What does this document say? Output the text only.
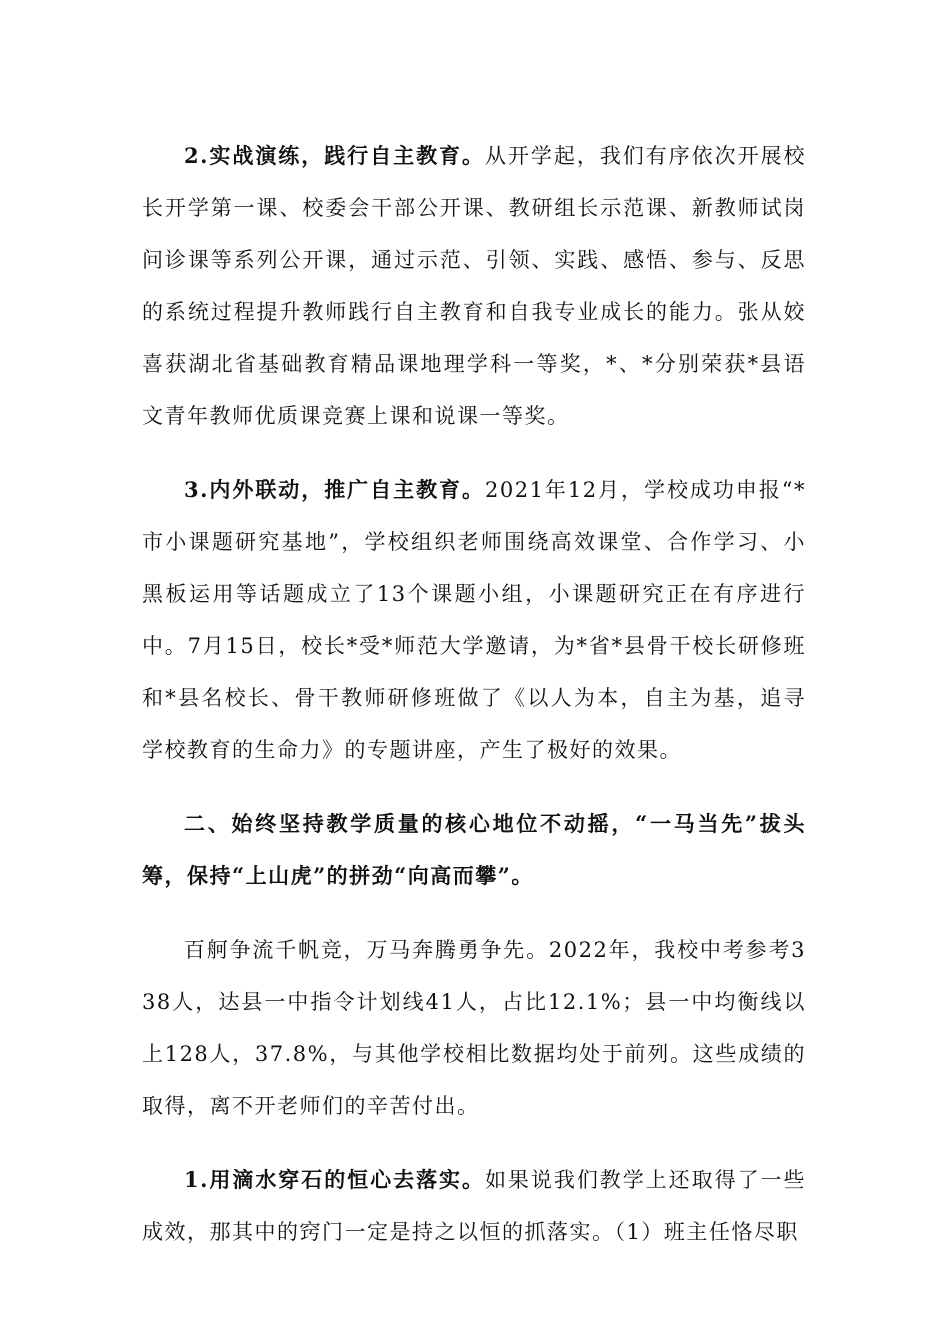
2.实战演练，践行自主教育。从开学起，我们有序依次开展校长开学第一课、校委会干部公开课、教研组长示范课、新教师试岗问诊课等系列公开课，通过示范、引领、实践、感悟、参与、反思的系统过程提升教师践行自主教育和自我专业成长的能力。张从姣喜获湖北省基础教育精品课地理学科一等奖，*、*分别荣获*县语文青年教师优质课竞赛上课和说课一等奖。

3.内外联动，推广自主教育。2021年12月，学校成功申报“*市小课题研究基地”，学校组织老师围绕高效课堂、合作学习、小黑板运用等话题成立了13个课题小组，小课题研究正在有序进行中。7月15日，校长*受*师范大学邀请，为*省*县骨干校长研修班和*县名校长、骨干教师研修班做了《以人为本，自主为基，追寻学校教育的生命力》的专题讲座，产生了极好的效果。

二、始终坚持教学质量的核心地位不动摇，“一马当先”拔头筹，保持“上山虎”的拼劲“向高而攀”。

百舸争流千帆竞，万马奔腾勇争先。2022年，我校中考参考338人，达县一中指令计划线41人，占比12.1%；县一中均衡线以上128人，37.8%，与其他学校相比数据均处于前列。这些成绩的取得，离不开老师们的辛苦付出。

1.用滴水穿石的恒心去落实。如果说我们教学上还取得了一些成效，那其中的窍门一定是持之以恒的抓落实。（1）班主任恪尽职
